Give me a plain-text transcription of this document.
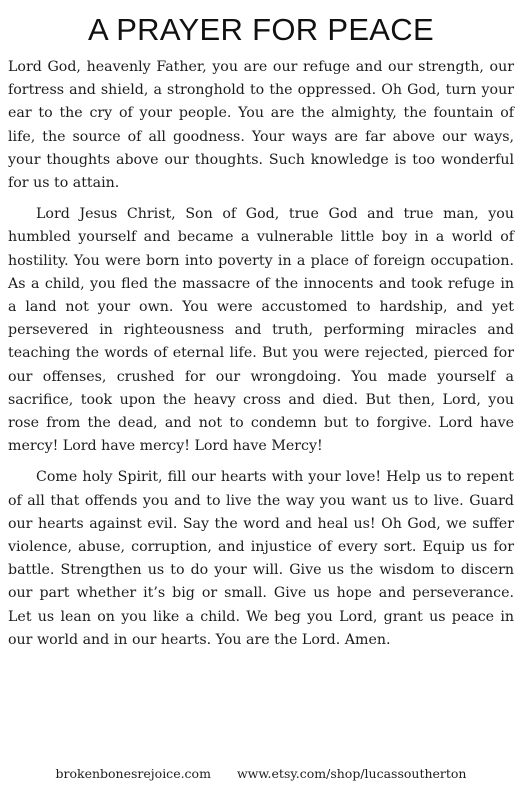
A PRAYER FOR PEACE

Lord God, heavenly Father, you are our refuge and our strength, our fortress and shield, a stronghold to the oppressed. Oh God, turn your ear to the cry of your people. You are the almighty, the fountain of life, the source of all goodness. Your ways are far above our ways, your thoughts above our thoughts. Such knowledge is too wonderful for us to attain.

Lord Jesus Christ, Son of God, true God and true man, you humbled yourself and became a vulnerable little boy in a world of hostility. You were born into poverty in a place of foreign occupation. As a child, you fled the massacre of the innocents and took refuge in a land not your own. You were accustomed to hardship, and yet persevered in righteousness and truth, performing miracles and teaching the words of eternal life. But you were rejected, pierced for our offenses, crushed for our wrongdoing. You made yourself a sacrifice, took upon the heavy cross and died. But then, Lord, you rose from the dead, and not to condemn but to forgive. Lord have mercy! Lord have mercy! Lord have Mercy!

Come holy Spirit, fill our hearts with your love! Help us to repent of all that offends you and to live the way you want us to live. Guard our hearts against evil. Say the word and heal us! Oh God, we suffer violence, abuse, corruption, and injustice of every sort. Equip us for battle. Strengthen us to do your will. Give us the wisdom to discern our part whether it’s big or small. Give us hope and perseverance. Let us lean on you like a child. We beg you Lord, grant us peace in our world and in our hearts. You are the Lord. Amen.

brokenbonesrejoice.com www.etsy.com/shop/lucassoutherton
